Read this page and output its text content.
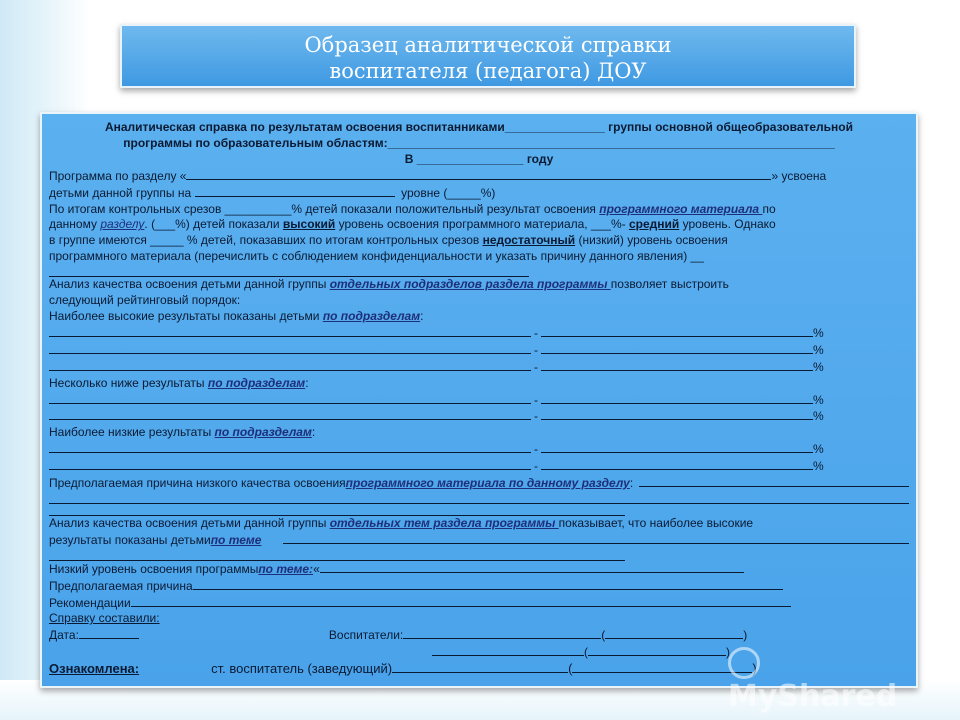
Образец аналитической справки
воспитателя (педагога) ДОУ

Аналитическая справка по результатам освоения воспитанниками_______________ группы основной общеобразовательной

программы по образовательным областям:___________________________________________________________________

В ________________ году

Программа по разделу «	» усвоена
детьми данной группы на	уровне (_____%)

По итогам контрольных срезов __________% детей показали положительный результат освоения программного материала по
данному разделу. (___%) детей показали высокий уровень освоения программного материала, ___%- средний уровень. Однако
в группе имеются _____ % детей, показавших по итогам контрольных срезов недостаточный (низкий) уровень освоения
программного материала (перечислить с соблюдением конфиденциальности и указать причину данного явления) __

Анализ качества освоения детьми данной группы отдельных подразделов раздела программы позволяет выстроить
следующий рейтинговый порядок:

Наиболее высокие результаты показаны детьми по подразделам:

-	%
-	%
-	%

Несколько ниже результаты по подразделам:

-	%
-	%

Наиболее низкие результаты по подразделам:

-	%
-	%
Предполагаемая причина низкого качества освоения программного материала по данному разделу :

Анализ качества освоения детьми данной группы отдельных тем раздела программы показывает, что наиболее высокие

результаты показаны детьми по теме
Низкий уровень освоения программы по теме: «
Предполагаемая причина
Рекомендации

Справку составили:

Дата:	Воспитатели:	(	)
(	)
Ознакомлена:	ст. воспитатель (заведующий)	(	)
MyShared
